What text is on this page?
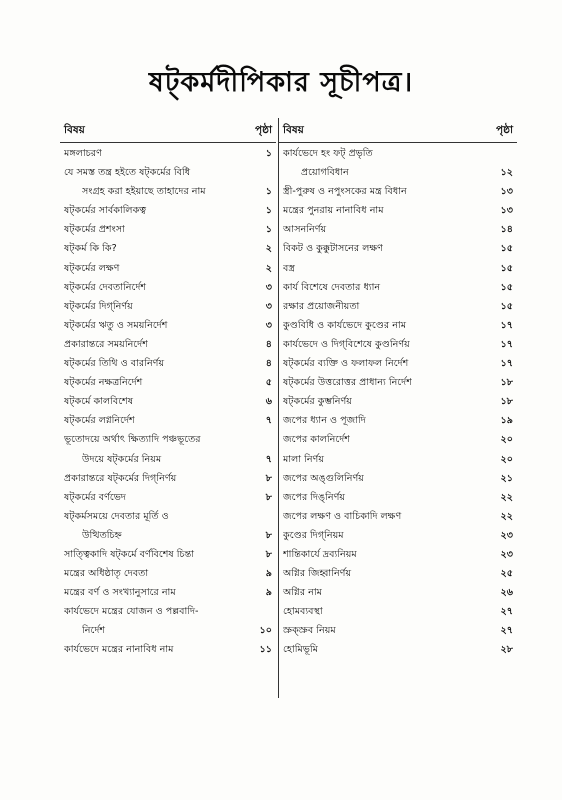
ষট্‌কর্মদীপিকার সূচীপত্র।
বিষয়	পৃষ্ঠা
মঙ্গলাচরণ	১
যে সমস্ত তন্ত্র হইতে ষট্‌কর্মের বিধি
সংগ্রহ করা হইয়াছে তাহাদের নাম	১
ষট্‌কর্মের সার্বকালিকত্ব	১
ষট্‌কর্মের প্রশংসা	১
ষট্‌কর্ম কি কি?	২
ষট্‌কর্মের লক্ষণ	২
ষট্‌কর্মের দেবতানির্দেশ	৩
ষট্‌কর্মের দিগ্‌নির্ণয়	৩
ষট্‌কর্মের ঋতু ও সময়নির্দেশ	৩
প্রকারান্তরে সময়নির্দেশ	৪
ষট্‌কর্মের তিথি ও বারনির্ণয়	৪
ষট্‌কর্মের নক্ষত্রনির্দেশ	৫
ষট্‌কর্মে কালবিশেষ	৬
ষট্‌কর্মের লগ্ননির্দেশ	৭
ভূতোদয়ে অর্থাৎ ক্ষিত্যাদি পঞ্চভূতের
উদয়ে ষট্‌কর্মের নিয়ম	৭
প্রকারান্তরে ষট্‌কর্মের দিগ্‌নির্ণয়	৮
ষট্‌কর্মের বর্ণভেদ	৮
ষট্‌কর্মসময়ে দেবতার মূর্তি ও
উত্থিতচিহ্ন	৮
সাত্ত্বিকাদি ষট্‌কর্মে বর্ণবিশেষ চিন্তা	৮
মন্ত্রের অধিষ্ঠাতৃ দেবতা	৯
মন্ত্রের বর্ণ ও সংখ্যানুসারে নাম	৯
কার্যভেদে মন্ত্রের যোজন ও পল্লবাদি-
নির্দেশ	১০
কার্যভেদে মন্ত্রের নানাবিধ নাম	১১
বিষয়	পৃষ্ঠা
কার্যভেদে হং ফট্‌ প্রভৃতি
প্রয়োগবিধান	১২
স্ত্রী-পুরুষ ও নপুংসকের মন্ত্র বিধান	১৩
মন্ত্রের পুনরায় নানাবিধ নাম	১৩
আসননির্ণয়	১৪
বিকট ও কুক্কুটাসনের লক্ষণ	১৫
বস্ত্র	১৫
কার্য বিশেষে দেবতার ধ্যান	১৫
রক্ষার প্রয়োজনীয়তা	১৫
কুণ্ডবিধি ও কার্যভেদে কুণ্ডের নাম	১৭
কার্যভেদে ও দিগ্‌বিশেষে কুণ্ডনির্ণয়	১৭
ষট্‌কর্মের ব্যক্তি ও ফলাফল নির্দেশ	১৭
ষট্‌কর্মের উত্তরোত্তর প্রাধান্য নির্দেশ	১৮
ষট্‌কর্মের কুম্ভনির্ণয়	১৮
জপের ধ্যান ও পূজাদি	১৯
জপের কালনির্দেশ	২০
মালা নির্ণয়	২০
জপের অঙ্গুলিনির্ণয়	২১
জপের দিঙ্‌নির্ণয়	২২
জপের লক্ষণ ও বাচিকাদি লক্ষণ	২২
কুণ্ডের দিগ্‌নিয়ম	২৩
শান্তিকার্যে দ্রব্যনিয়ম	২৩
অগ্নির জিহ্বানির্ণয়	২৫
অগ্নির নাম	২৬
হোমব্যবস্থা	২৭
স্রুক্‌স্রুব নিয়ম	২৭
হোমিভূমি	২৮
